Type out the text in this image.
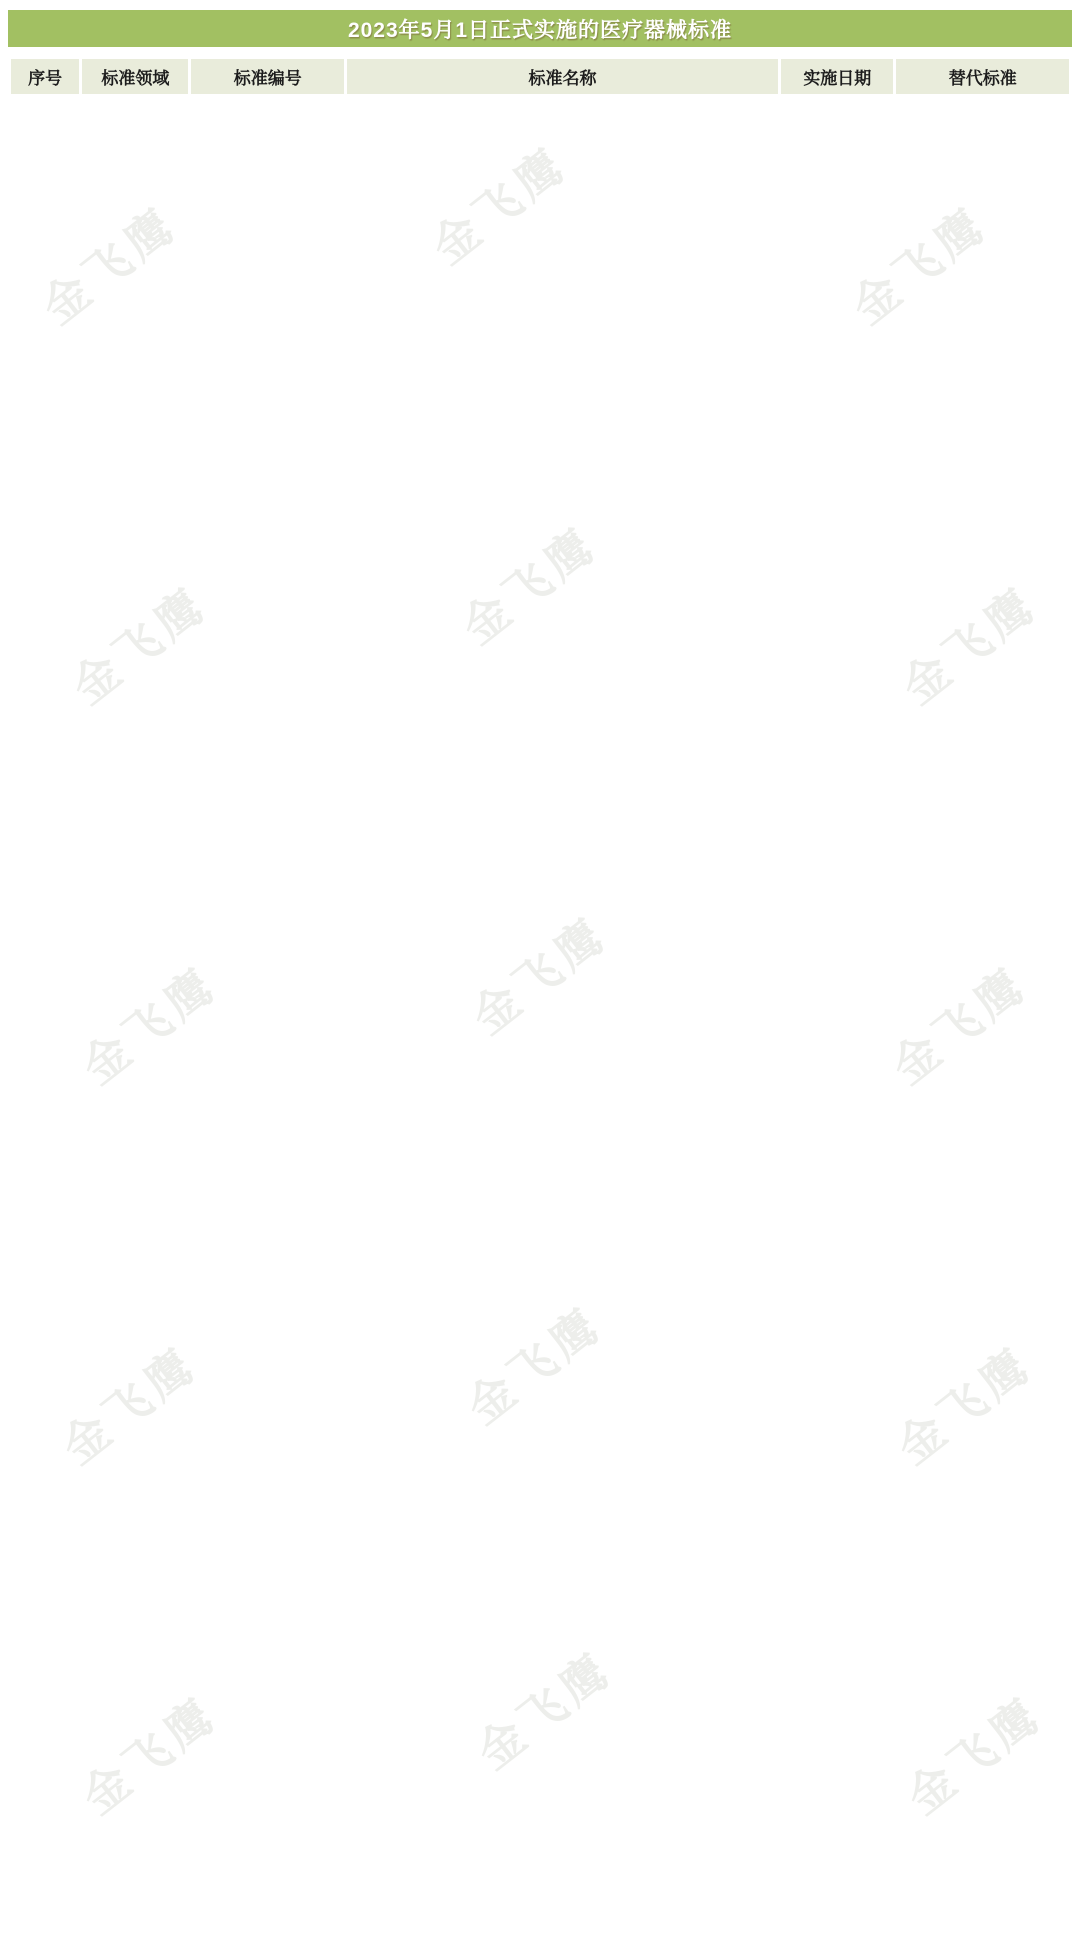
2023年5月1日正式实施的医疗器械标准
序号	标准领域	标准编号	标准名称	实施日期	替代标准
金飞鹰	金飞鹰	金飞鹰
金飞鹰	金飞鹰	金飞鹰
金飞鹰	金飞鹰	金飞鹰
金飞鹰	金飞鹰	金飞鹰
金飞鹰	金飞鹰	金飞鹰
eatskc,com
